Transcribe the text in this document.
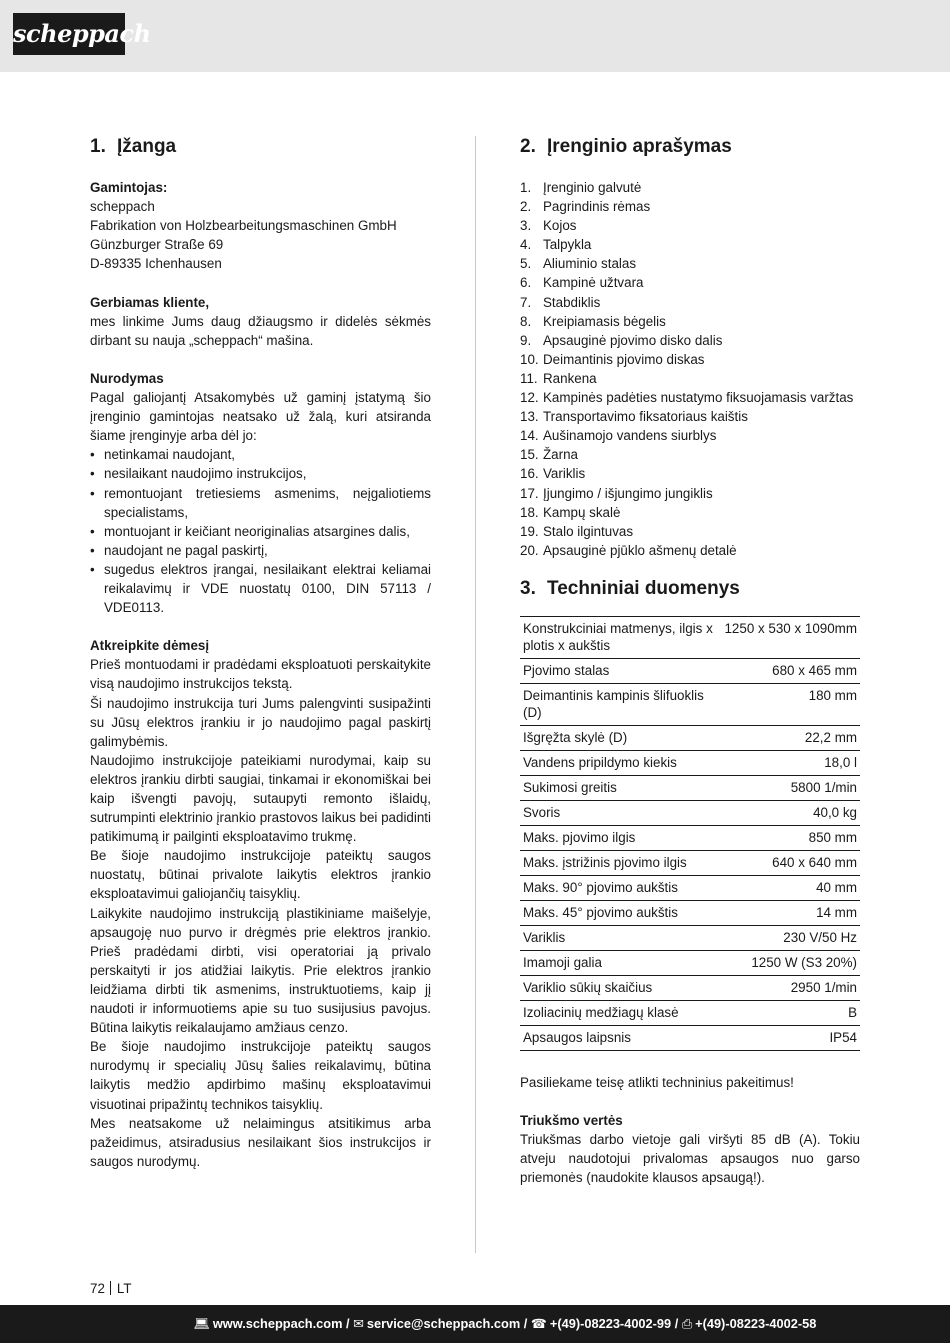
scheppach
1. Įžanga
Gamintojas:
scheppach
Fabrikation von Holzbearbeitungsmaschinen GmbH
Günzburger Straße 69
D-89335 Ichenhausen
Gerbiamas kliente,
mes linkime Jums daug džiaugsmo ir didelės sėkmės dirbant su nauja „scheppach“ mašina.
Nurodymas
Pagal galiojantį Atsakomybės už gaminį įstatymą šio įrenginio gamintojas neatsako už žalą, kuri atsiranda šiame įrenginyje arba dėl jo:
• netinkamai naudojant,
• nesilaikant naudojimo instrukcijos,
• remontuojant tretiesiems asmenims, neįgaliotiems specialistams,
• montuojant ir keičiant neoriginalias atsargines dalis,
• naudojant ne pagal paskirtį,
• sugedus elektros įrangai, nesilaikant elektrai keliamai reikalavimų ir VDE nuostatų 0100, DIN 57113 / VDE0113.
Atkreipkite dėmesį
Prieš montuodami ir pradėdami eksploatuoti perskaitykite visą naudojimo instrukcijos tekstą.
Ši naudojimo instrukcija turi Jums palengvinti susipažinti su Jūsų elektros įrankiu ir jo naudojimo pagal paskirtį galimybėmis.
Naudojimo instrukcijoje pateikiami nurodymai, kaip su elektros įrankiu dirbti saugiai, tinkamai ir ekonomiškai bei kaip išvengti pavojų, sutaupyti remonto išlaidų, sutrumpinti elektrinio įrankio prastovos laikus bei padidinti patikimumą ir pailginti eksploatavimo trukmę.
Be šioje naudojimo instrukcijoje pateiktų saugos nuostatų, būtinai privalote laikytis elektros įrankio eksploatavimui galiojančių taisyklių.
Laikykite naudojimo instrukciją plastikiniame maišelyje, apsaugoję nuo purvo ir drėgmės prie elektros įrankio. Prieš pradėdami dirbti, visi operatoriai ją privalo perskaityti ir jos atidžiai laikytis. Prie elektros įrankio leidžiama dirbti tik asmenims, instruktuotiems, kaip jį naudoti ir informuotiems apie su tuo susijusius pavojus. Būtina laikytis reikalaujamo amžiaus cenzo.
Be šioje naudojimo instrukcijoje pateiktų saugos nurodymų ir specialių Jūsų šalies reikalavimų, būtina laikytis medžio apdirbimo mašinų eksploatavimui visuotinai pripažintų technikos taisyklių.
Mes neatsakome už nelaimingus atsitikimus arba pažeidimus, atsiradusius nesilaikant šios instrukcijos ir saugos nurodymų.
2. Įrenginio aprašymas
1. Įrenginio galvutė
2. Pagrindinis rėmas
3. Kojos
4. Talpykla
5. Aliuminio stalas
6. Kampinė užtvara
7. Stabdiklis
8. Kreipiamasis bėgelis
9. Apsauginė pjovimo disko dalis
10. Deimantinis pjovimo diskas
11. Rankena
12. Kampinės padėties nustatymo fiksuojamasis varžtas
13. Transportavimo fiksatoriaus kaištis
14. Aušinamojo vandens siurblys
15. Žarna
16. Variklis
17. Įjungimo / išjungimo jungiklis
18. Kampų skalė
19. Stalo ilgintuvas
20. Apsauginė pjūklo ašmenų detalė
3. Techniniai duomenys
Konstrukciniai matmenys, ilgis x plotis x aukštis	1250 x 530 x 1090mm
Pjovimo stalas	680 x 465 mm
Deimantinis kampinis šlifuoklis (D)	180 mm
Išgręžta skylė (D)	22,2 mm
Vandens pripildymo kiekis	18,0 l
Sukimosi greitis	5800 1/min
Svoris	40,0 kg
Maks. pjovimo ilgis	850 mm
Maks. įstrižinis pjovimo ilgis	640 x 640 mm
Maks. 90° pjovimo aukštis	40 mm
Maks. 45° pjovimo aukštis	14 mm
Variklis	230 V/50 Hz
Imamoji galia	1250 W (S3 20%)
Variklio sūkių skaičius	2950 1/min
Izoliacinių medžiagų klasė	B
Apsaugos laipsnis	IP54
Pasiliekame teisę atlikti techninius pakeitimus!
Triukšmo vertės
Triukšmas darbo vietoje gali viršyti 85 dB (A). Tokiu atveju naudotojui privalomas apsaugos nuo garso priemonės (naudokite klausos apsaugą!).
72 LT
💻︎ www.scheppach.com / ✉︎ service@scheppach.com / ☎︎ +(49)-08223-4002-99 / ⎙ +(49)-08223-4002-58
